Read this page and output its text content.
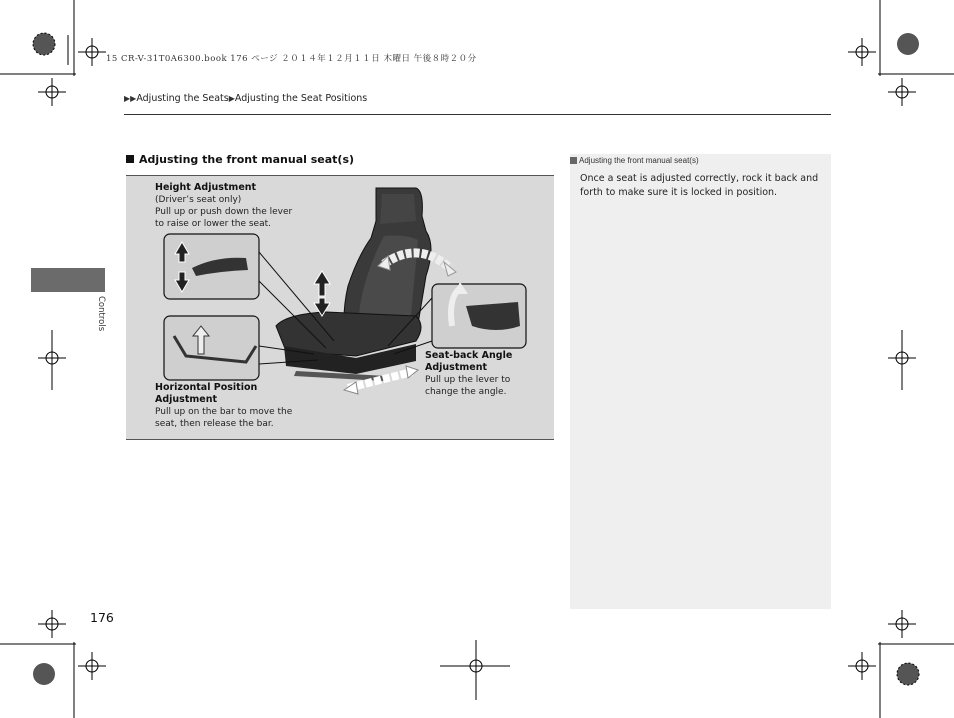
15 CR-V-31T0A6300.book 176 ページ ２０１４年１２月１１日 木曜日 午後８時２０分
▶▶Adjusting the Seats▶Adjusting the Seat Positions
Controls
Adjusting the front manual seat(s)
Height Adjustment
(Driver’s seat only)
Pull up or push down the lever
to raise or lower the seat.
Horizontal Position
Adjustment
Pull up on the bar to move the
seat, then release the bar.
Seat-back Angle
Adjustment
Pull up the lever to
change the angle.
Adjusting the front manual seat(s)
Once a seat is adjusted correctly, rock it back and forth to make sure it is locked in position.
176
